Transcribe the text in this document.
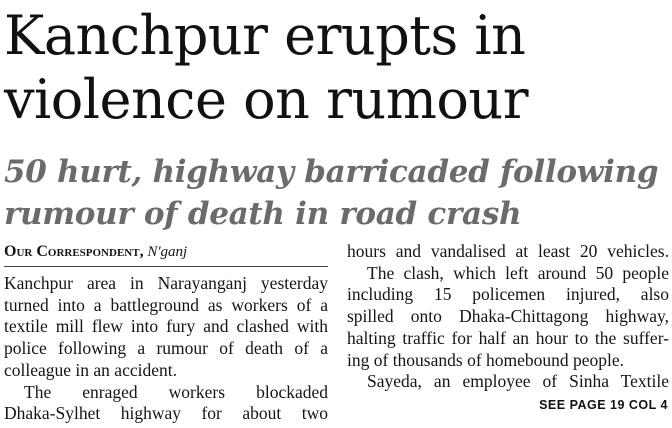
Kanchpur erupts in
violence on rumour
50 hurt, highway barricaded following
rumour of death in road crash
Our Correspondent, N'ganj

Kanchpur area in Narayanganj yesterday

turned into a battleground as workers of a

textile mill flew into fury and clashed with

police following a rumour of death of a

colleague in an accident.

The enraged workers blockaded

Dhaka-Sylhet highway for about two

hours and vandalised at least 20 vehicles.

The clash, which left around 50 people

including 15 policemen injured, also

spilled onto Dhaka-Chittagong highway,

halting traffic for half an hour to the suffer-

ing of thousands of homebound people.

Sayeda, an employee of Sinha Textile

SEE PAGE 19 COL 4
